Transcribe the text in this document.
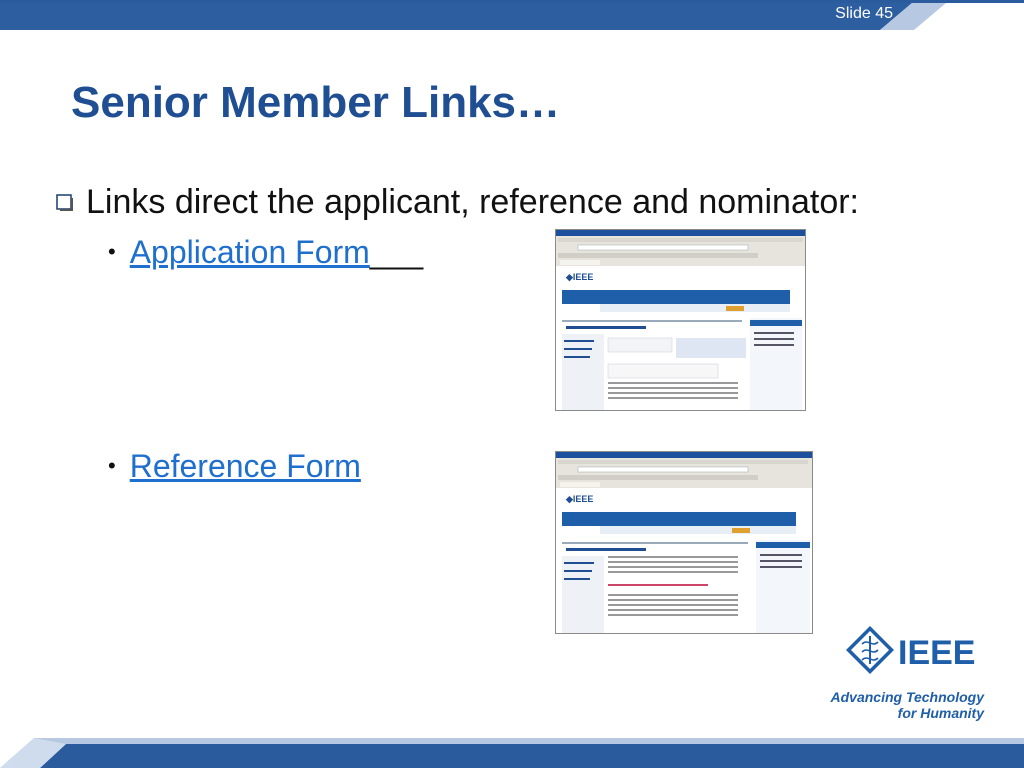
Slide 45
Senior Member Links…
Links direct the applicant, reference and nominator:
• Application Form ___
• Reference Form
◆IEEE
◆IEEE
IEEE
Advancing Technology
for Humanity
